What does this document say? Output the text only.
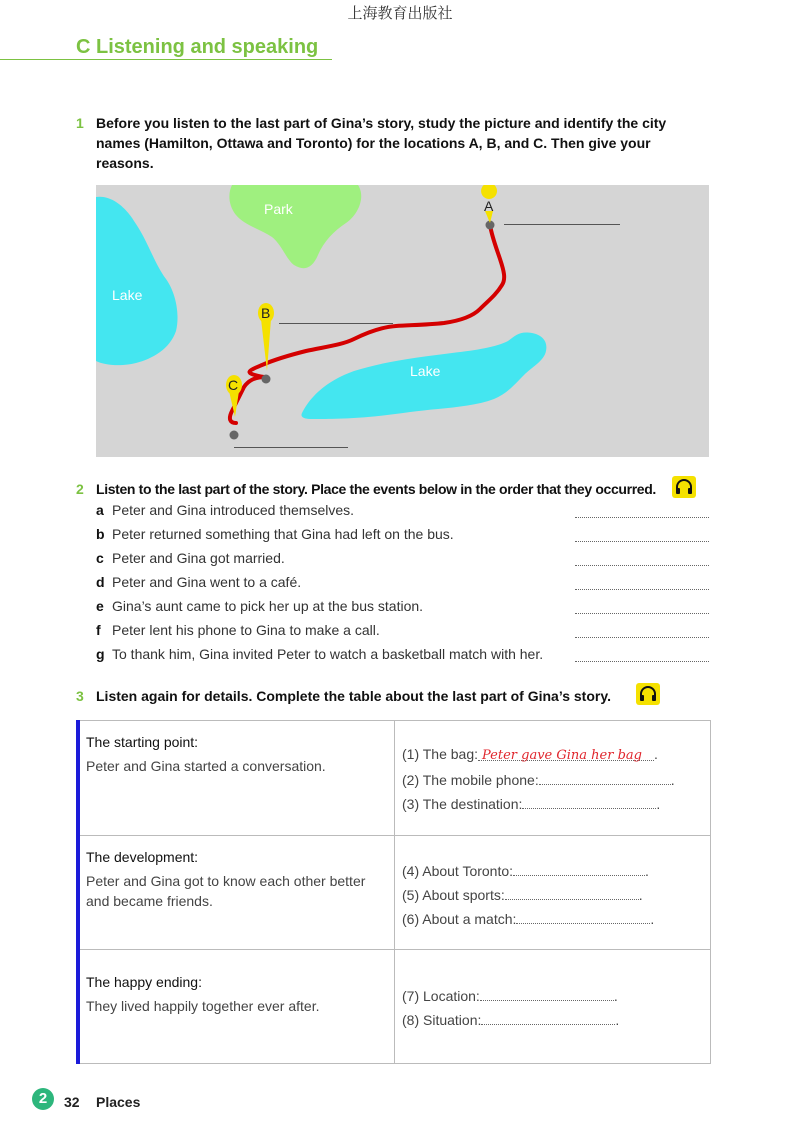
上海教育出版社
C Listening and speaking
1 Before you listen to the last part of Gina’s story, study the picture and identify the city names (Hamilton, Ottawa and Toronto) for the locations A, B, and C. Then give your reasons.
Park
Lake
Lake
A
B
C
2 Listen to the last part of the story. Place the events below in the order that they occurred.
a Peter and Gina introduced themselves.
b Peter returned something that Gina had left on the bus.
c Peter and Gina got married.
d Peter and Gina went to a café.
e Gina’s aunt came to pick her up at the bus station.
f Peter lent his phone to Gina to make a call.
g To thank him, Gina invited Peter to watch a basketball match with her.
3 Listen again for details. Complete the table about the last part of Gina’s story.
The starting point:
Peter and Gina started a conversation.
(1) The bag: Peter gave Gina her bag .
(2) The mobile phone:	.
(3) The destination:	.
The development:
Peter and Gina got to know each other better and became friends.
(4) About Toronto:	.
(5) About sports:	.
(6) About a match:	.
The happy ending:
They lived happily together ever after.
(7) Location:	.
(8) Situation:	.
2	32 Places
